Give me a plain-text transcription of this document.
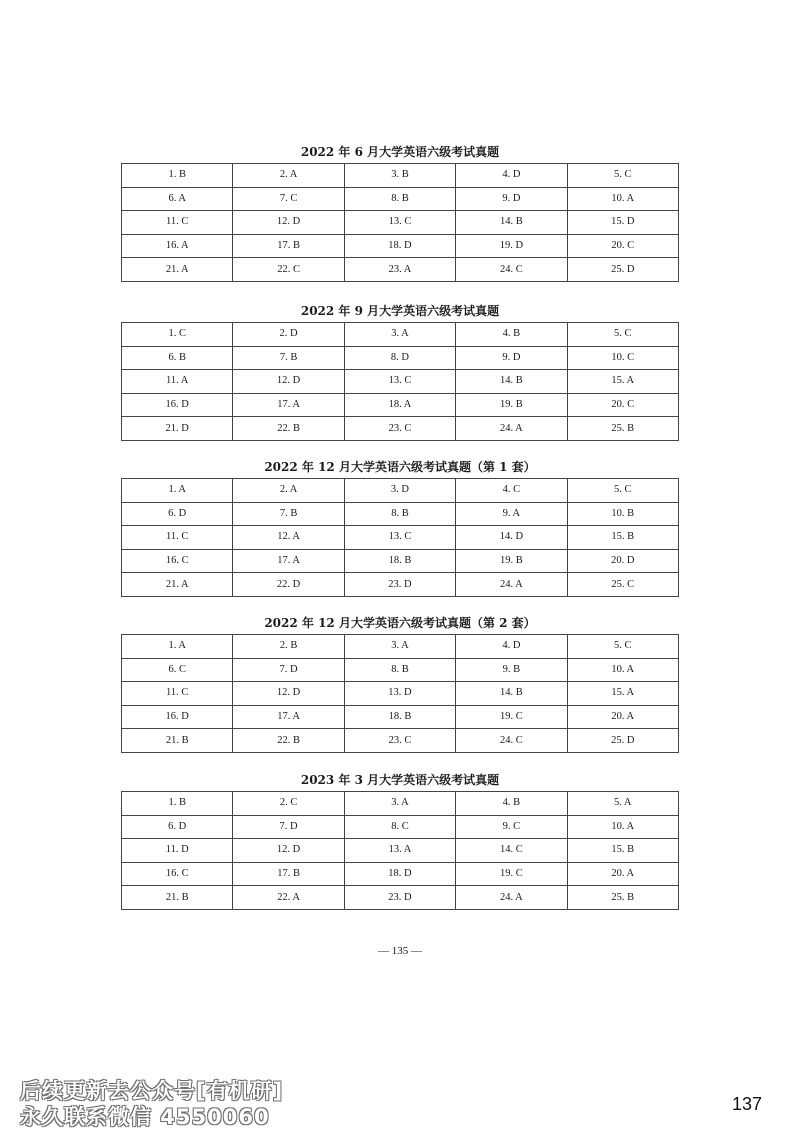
2022 年 6 月大学英语六级考试真题
1. B	2. A	3. B	4. D	5. C
6. A	7. C	8. B	9. D	10. A
11. C	12. D	13. C	14. B	15. D
16. A	17. B	18. D	19. D	20. C
21. A	22. C	23. A	24. C	25. D
2022 年 9 月大学英语六级考试真题
1. C	2. D	3. A	4. B	5. C
6. B	7. B	8. D	9. D	10. C
11. A	12. D	13. C	14. B	15. A
16. D	17. A	18. A	19. B	20. C
21. D	22. B	23. C	24. A	25. B
2022 年 12 月大学英语六级考试真题（第 1 套）
1. A	2. A	3. D	4. C	5. C
6. D	7. B	8. B	9. A	10. B
11. C	12. A	13. C	14. D	15. B
16. C	17. A	18. B	19. B	20. D
21. A	22. D	23. D	24. A	25. C
2022 年 12 月大学英语六级考试真题（第 2 套）
1. A	2. B	3. A	4. D	5. C
6. C	7. D	8. B	9. B	10. A
11. C	12. D	13. D	14. B	15. A
16. D	17. A	18. B	19. C	20. A
21. B	22. B	23. C	24. C	25. D
2023 年 3 月大学英语六级考试真题
1. B	2. C	3. A	4. B	5. A
6. D	7. D	8. C	9. C	10. A
11. D	12. D	13. A	14. C	15. B
16. C	17. B	18. D	19. C	20. A
21. B	22. A	23. D	24. A	25. B
— 135 —
后续更新去公众号[有机研]
永久联系微信 4550060
137
